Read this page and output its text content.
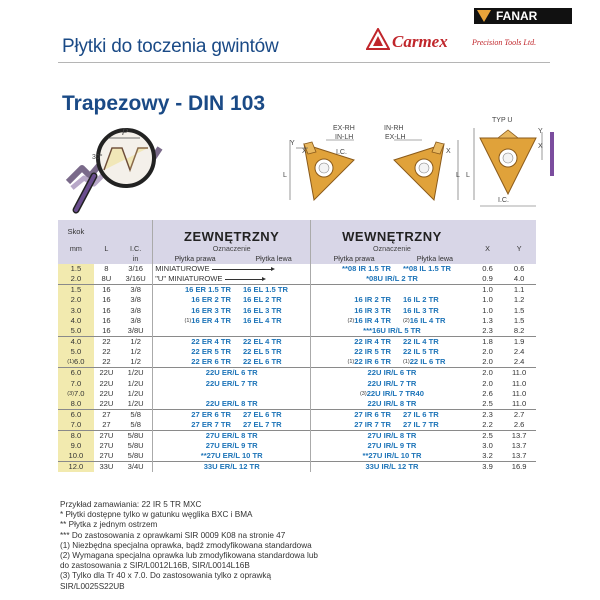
Płytki do toczenia gwintów
FANAR
Carmex	Precision Tools Ltd.
Trapezowy - DIN 103
P
30°
EX-RH
IN-LH
I.C.
X
Y
L
IN-RH
EX-LH
X
L
TYP U
I.C.
X
Y
L
Skok			ZEWNĘTRZNY		WEWNĘTRZNY			
mm	L	I.C.	Oznaczenie		Oznaczenie		X	Y
		in	Płytka prawa	Płytka lewa	Płytka prawa	Płytka lewa		
1.5	8	3/16	MINIATUROWE		**08 IR 1.5 TR	**08 IL 1.5 TR	0.6	0.6
2.0	8U	3/16U	"U" MINIATUROWE		*08U IR/L 2 TR		0.9	4.0
1.5	16	3/8	16 ER 1.5 TR	16 EL 1.5 TR			1.0	1.1
2.0	16	3/8	16 ER 2 TR	16 EL 2 TR	16 IR 2 TR	16 IL 2 TR	1.0	1.2
3.0	16	3/8	16 ER 3 TR	16 EL 3 TR	16 IR 3 TR	16 IL 3 TR	1.0	1.5
4.0	16	3/8	$^{(1)}$16 ER 4 TR	16 EL 4 TR	$^{(2)}$16 IR 4 TR	$^{(2)}$16 IL 4 TR	1.3	1.5
5.0	16	3/8U			***16U IR/L 5 TR		2.3	8.2
4.0	22	1/2	22 ER 4 TR	22 EL 4 TR	22 IR 4 TR	22 IL 4 TR	1.8	1.9
5.0	22	1/2	22 ER 5 TR	22 EL 5 TR	22 IR 5 TR	22 IL 5 TR	2.0	2.4
$^{(1)}$6.0	22	1/2	22 ER 6 TR	22 EL 6 TR	$^{(1)}$22 IR 6 TR	$^{(1)}$22 IL 6 TR	2.0	2.4
6.0	22U	1/2U	22U ER/L 6 TR		22U IR/L 6 TR		2.0	11.0
7.0	22U	1/2U	22U ER/L 7 TR		22U IR/L 7 TR		2.0	11.0
$^{(3)}$7.0	22U	1/2U			$^{(3)}$22U IR/L 7 TR40		2.6	11.0
8.0	22U	1/2U	22U ER/L 8 TR		22U IR/L 8 TR		2.5	11.0
6.0	27	5/8	27 ER 6 TR	27 EL 6 TR	27 IR 6 TR	27 IL 6 TR	2.3	2.7
7.0	27	5/8	27 ER 7 TR	27 EL 7 TR	27 IR 7 TR	27 IL 7 TR	2.2	2.6
8.0	27U	5/8U	27U ER/L 8 TR		27U IR/L 8 TR		2.5	13.7
9.0	27U	5/8U	27U ER/L 9 TR		27U IR/L 9 TR		3.0	13.7
10.0	27U	5/8U	**27U ER/L 10 TR		**27U IR/L 10 TR		3.2	13.7
12.0	33U	3/4U	33U ER/L 12 TR		33U IR/L 12 TR		3.9	16.9
Przykład zamawiania: 22 IR 5 TR MXC
* Płytki dostępne tylko w gatunku węglika BXC i BMA
** Płytka z jednym ostrzem
*** Do zastosowania z oprawkami SIR 0009 K08 na stronie 47
(1) Niezbędna specjalna oprawka, bądź zmodyfikowana standardowa
(2) Wymagana specjalna oprawka lub zmodyfikowana standardowa lub
do zastosowania z SIR/L0012L16B, SIR/L0014L16B
(3) Tylko dla Tr 40 x 7.0. Do zastosowania tylko z oprawką
SIR/L0025S22UB
